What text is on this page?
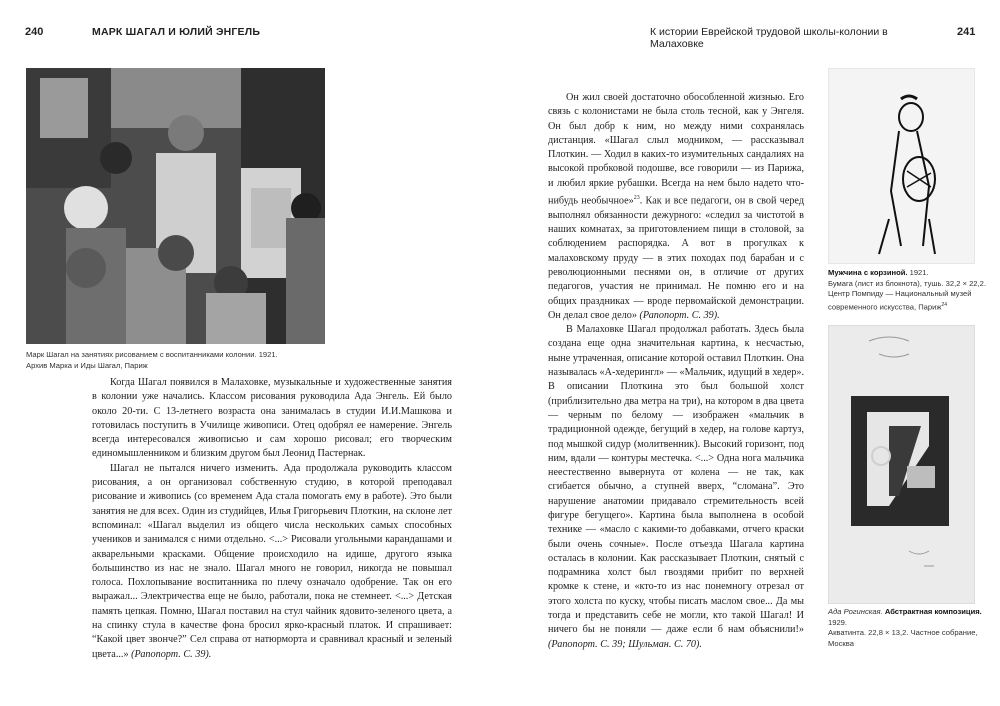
240	МАРК ШАГАЛ И ЮЛИЙ ЭНГЕЛЬ	К истории Еврейской трудовой школы-колонии в Малаховке
241
Марк Шагал на занятиях рисованием с воспитанниками колонии. 1921.
Архив Марка и Иды Шагал, Париж

Когда Шагал появился в Малаховке, музыкальные и художественные занятия в колонии уже начались. Классом рисования руководила Ада Энгель. Ей было около 20-ти. С 13-летнего возраста она занималась в студии И.И.Машкова и готовилась поступить в Училище живописи. Отец одобрял ее намерение. Энгель всегда интересовался живописью и сам хорошо рисовал; его творческим единомышленником и близким другом был Леонид Пастернак.

Шагал не пытался ничего изменить. Ада продолжала руководить классом рисования, а он организовал собственную студию, в которой преподавал рисование и живопись (со временем Ада стала помогать ему в работе). Это были занятия не для всех. Один из студийцев, Илья Григорьевич Плоткин, на склоне лет вспоминал: «Шагал выделил из общего числа нескольких самых способных учеников и занимался с ними отдельно. <...> Рисовали угольными карандашами и акварельными красками. Общение происходило на идише, другого языка большинство из нас не знало. Шагал много не говорил, никогда не повышал голоса. Похлопывание воспитанника по плечу означало одобрение. Так он его выражал... Электричества еще не было, работали, пока не стемнеет. <...> Детская память цепкая. Помню, Шагал поставил на стул чайник ядовито-зеленого цвета, а на спинку стула в качестве фона бросил ярко-красный платок. И спрашивает: “Какой цвет звонче?” Сел справа от натюрморта и сравнивал красный и зеленый цвета...» (Рапопорт. С. 39).

Он жил своей достаточно обособленной жизнью. Его связь с колонистами не была столь тесной, как у Энгеля. Он был добр к ним, но между ними сохранялась дистанция. «Шагал слыл модником, — рассказывал Плоткин. — Ходил в каких-то изумительных сандалиях на высокой пробковой подошве, все говорили — из Парижа, и любил яркие рубашки. Всегда на нем было надето что-нибудь необычное»$^{23}$. Как и все педагоги, он в свой черед выполнял обязанности дежурного: «следил за чистотой в наших комнатах, за приготовлением пищи в столовой, за соблюдением распорядка. А вот в прогулках к малаховскому пруду — в этих походах под барабан и с революционными песнями он, в отличие от других педагогов, участия не принимал. Не помню его и на общих праздниках — вроде первомайской демонстрации. Он делал свое дело» (Рапопорт. С. 39).

В Малаховке Шагал продолжал работать. Здесь была создана еще одна значительная картина, к несчастью, ныне утраченная, описание которой оставил Плоткин. Она называлась «А-хедерингл» — «Мальчик, идущий в хедер». В описании Плоткина это был большой холст (приблизительно два метра на три), на котором в два цвета — черным по белому — изображен «мальчик в традиционной одежде, бегущий в хедер, на голове картуз, под мышкой сидур (молитвенник). Высокий горизонт, под ним, вдали — контуры местечка. <...> Одна нога мальчика неестественно вывернута от колена — не так, как сгибается обычно, а ступней вверх, “сломана”. Это нарушение анатомии придавало стремительность всей фигуре бегущего». Картина была выполнена в особой технике — «масло с какими-то добавками, отчего краски были очень сочные». После отъезда Шагала картина осталась в колонии. Как рассказывает Плоткин, снятый с подрамника холст был гвоздями прибит по верхней кромке к стене, и «кто-то из нас понемногу отрезал от этого холста по куску, чтобы писать маслом свое... Да мы тогда и представить себе не могли, кто такой Шагал! И ничего бы не поняли — даже если б нам объяснили!» (Рапопорт. С. 39; Шульман. С. 70).

Мужчина с корзиной. 1921.
Бумага (лист из блокнота), тушь. 32,2 × 22,2.
Центр Помпиду — Национальный музей
современного искусства, Париж$^{24}$
Ада Рогинская. Абстрактная композиция. 1929.
Акватинта. 22,8 × 13,2. Частное собрание, Москва
